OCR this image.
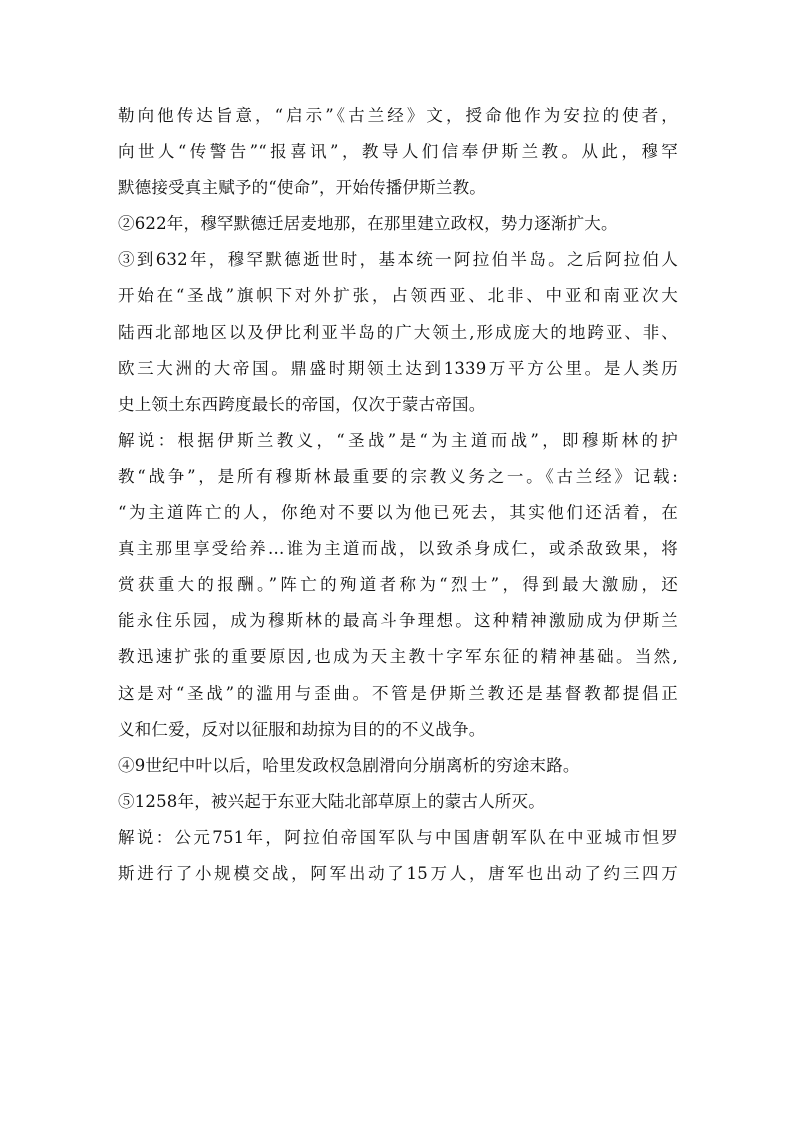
勒向他传达旨意，“启示”《古兰经》文，授命他作为安拉的使者，
向世人“传警告”“报喜讯”，教导人们信奉伊斯兰教。从此，穆罕
默德接受真主赋予的“使命”，开始传播伊斯兰教。
②622年，穆罕默德迁居麦地那，在那里建立政权，势力逐渐扩大。
③到632年，穆罕默德逝世时，基本统一阿拉伯半岛。之后阿拉伯人
开始在“圣战”旗帜下对外扩张，占领西亚、北非、中亚和南亚次大
陆西北部地区以及伊比利亚半岛的广大领土,形成庞大的地跨亚、非、
欧三大洲的大帝国。鼎盛时期领土达到1339万平方公里。是人类历
史上领土东西跨度最长的帝国，仅次于蒙古帝国。
解说：根据伊斯兰教义，“圣战”是“为主道而战”，即穆斯林的护
教“战争”，是所有穆斯林最重要的宗教义务之一。《古兰经》记载:
“为主道阵亡的人，你绝对不要以为他已死去，其实他们还活着，在
真主那里享受给养…谁为主道而战，以致杀身成仁，或杀敌致果，将
赏获重大的报酬。”阵亡的殉道者称为“烈士”，得到最大激励，还
能永住乐园，成为穆斯林的最高斗争理想。这种精神激励成为伊斯兰
教迅速扩张的重要原因,也成为天主教十字军东征的精神基础。当然,
这是对“圣战”的滥用与歪曲。不管是伊斯兰教还是基督教都提倡正
义和仁爱，反对以征服和劫掠为目的的不义战争。
④9世纪中叶以后，哈里发政权急剧滑向分崩离析的穷途末路。
⑤1258年，被兴起于东亚大陆北部草原上的蒙古人所灭。
解说：公元751年，阿拉伯帝国军队与中国唐朝军队在中亚城市怛罗
斯进行了小规模交战，阿军出动了15万人，唐军也出动了约三四万
